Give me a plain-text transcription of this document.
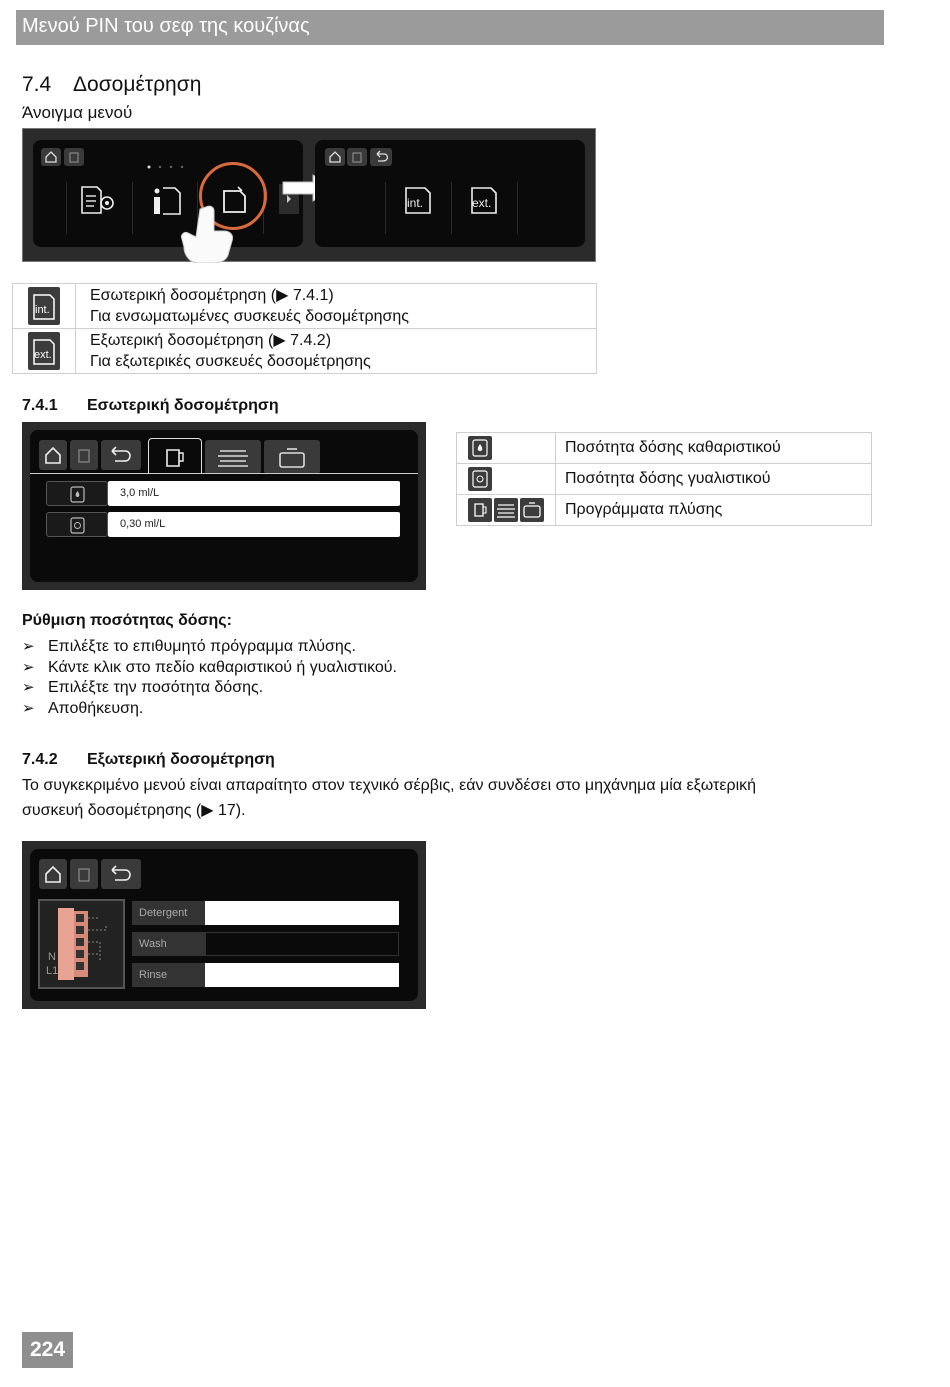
Μενού PIN του σεφ της κουζίνας
7.4 Δοσομέτρηση
Άνοιγμα μενού
int.	ext.
int.	Εσωτερική δοσομέτρηση (▶ 7.4.1)
Για ενσωματωμένες συσκευές δοσομέτρησης

ext.	Εξωτερική δοσομέτρηση (▶ 7.4.2)
Για εξωτερικές συσκευές δοσομέτρησης
7.4.1 Εσωτερική δοσομέτρηση
3,0 ml/L
0,30 ml/L
	Ποσότητα δόσης καθαριστικού

	Ποσότητα δόσης γυαλιστικού

	Προγράμματα πλύσης
Ρύθμιση ποσότητας δόσης:
➢ Επιλέξτε το επιθυμητό πρόγραμμα πλύσης.
➢ Κάντε κλικ στο πεδίο καθαριστικού ή γυαλιστικού.
➢ Επιλέξτε την ποσότητα δόσης.
➢ Αποθήκευση.
7.4.2 Εξωτερική δοσομέτρηση
Το συγκεκριμένο μενού είναι απαραίτητο στον τεχνικό σέρβις, εάν συνδέσει στο μηχάνημα μία εξωτερική
συσκευή δοσομέτρησης (▶ 17).
N
L1
Detergent
Wash
Rinse
224
